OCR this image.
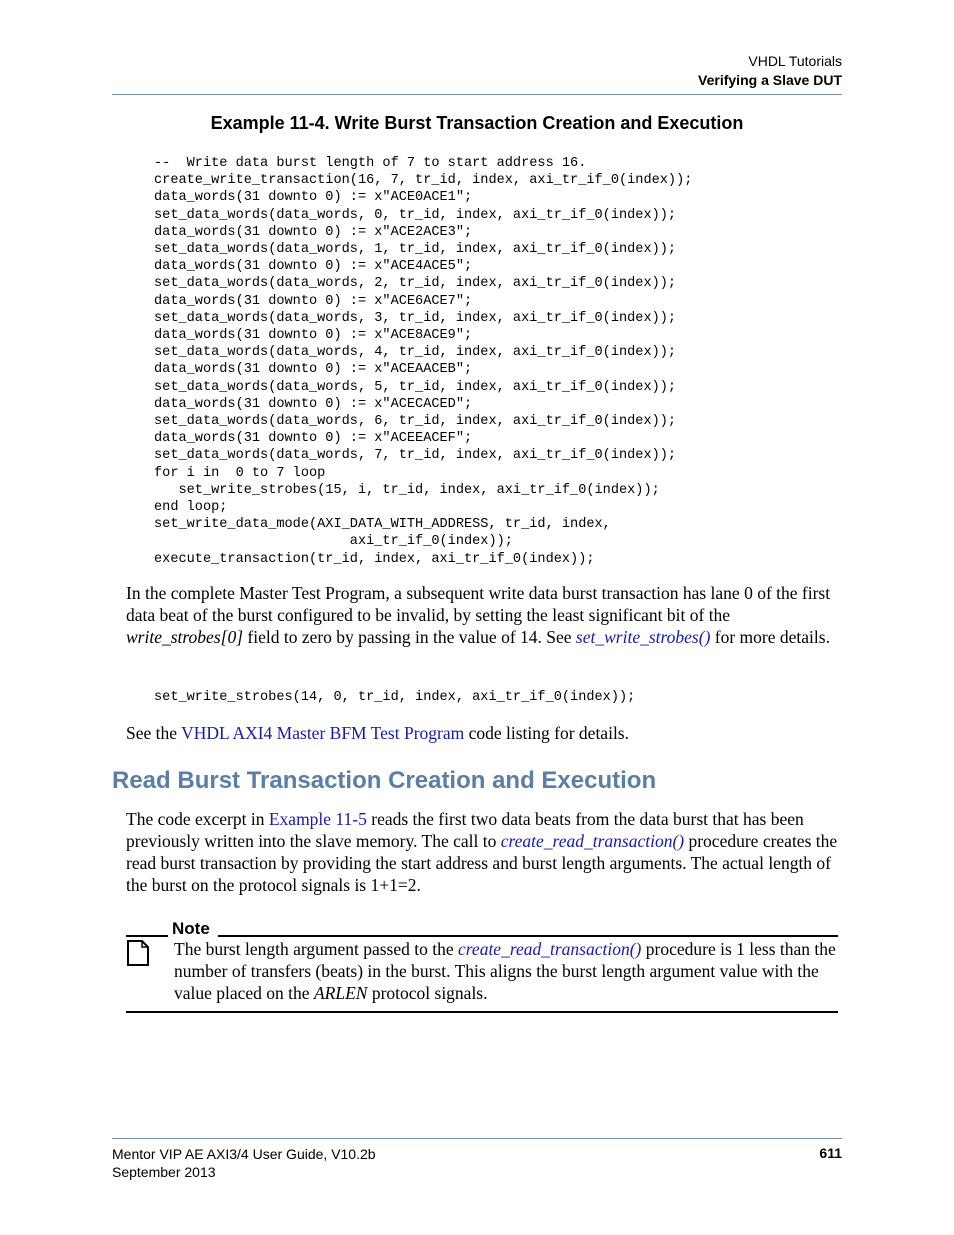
VHDL Tutorials
Verifying a Slave DUT
Example 11-4. Write Burst Transaction Creation and Execution
--  Write data burst length of 7 to start address 16.
create_write_transaction(16, 7, tr_id, index, axi_tr_if_0(index));
data_words(31 downto 0) := x"ACE0ACE1";
set_data_words(data_words, 0, tr_id, index, axi_tr_if_0(index));
data_words(31 downto 0) := x"ACE2ACE3";
set_data_words(data_words, 1, tr_id, index, axi_tr_if_0(index));
data_words(31 downto 0) := x"ACE4ACE5";
set_data_words(data_words, 2, tr_id, index, axi_tr_if_0(index));
data_words(31 downto 0) := x"ACE6ACE7";
set_data_words(data_words, 3, tr_id, index, axi_tr_if_0(index));
data_words(31 downto 0) := x"ACE8ACE9";
set_data_words(data_words, 4, tr_id, index, axi_tr_if_0(index));
data_words(31 downto 0) := x"ACEAACEB";
set_data_words(data_words, 5, tr_id, index, axi_tr_if_0(index));
data_words(31 downto 0) := x"ACECACED";
set_data_words(data_words, 6, tr_id, index, axi_tr_if_0(index));
data_words(31 downto 0) := x"ACEEACEF";
set_data_words(data_words, 7, tr_id, index, axi_tr_if_0(index));
for i in  0 to 7 loop
set_write_strobes(15, i, tr_id, index, axi_tr_if_0(index));
end loop;
set_write_data_mode(AXI_DATA_WITH_ADDRESS, tr_id, index,
axi_tr_if_0(index));
execute_transaction(tr_id, index, axi_tr_if_0(index));
In the complete Master Test Program, a subsequent write data burst transaction has lane 0 of the first data beat of the burst configured to be invalid, by setting the least significant bit of the write_strobes[0] field to zero by passing in the value of 14. See set_write_strobes() for more details.
set_write_strobes(14, 0, tr_id, index, axi_tr_if_0(index));
See the VHDL AXI4 Master BFM Test Program code listing for details.
Read Burst Transaction Creation and Execution
The code excerpt in Example 11-5 reads the first two data beats from the data burst that has been previously written into the slave memory. The call to create_read_transaction() procedure creates the read burst transaction by providing the start address and burst length arguments. The actual length of the burst on the protocol signals is 1+1=2.
Note
The burst length argument passed to the create_read_transaction() procedure is 1 less than the number of transfers (beats) in the burst. This aligns the burst length argument value with the value placed on the ARLEN protocol signals.
Mentor VIP AE AXI3/4 User Guide, V10.2b
September 2013
611
